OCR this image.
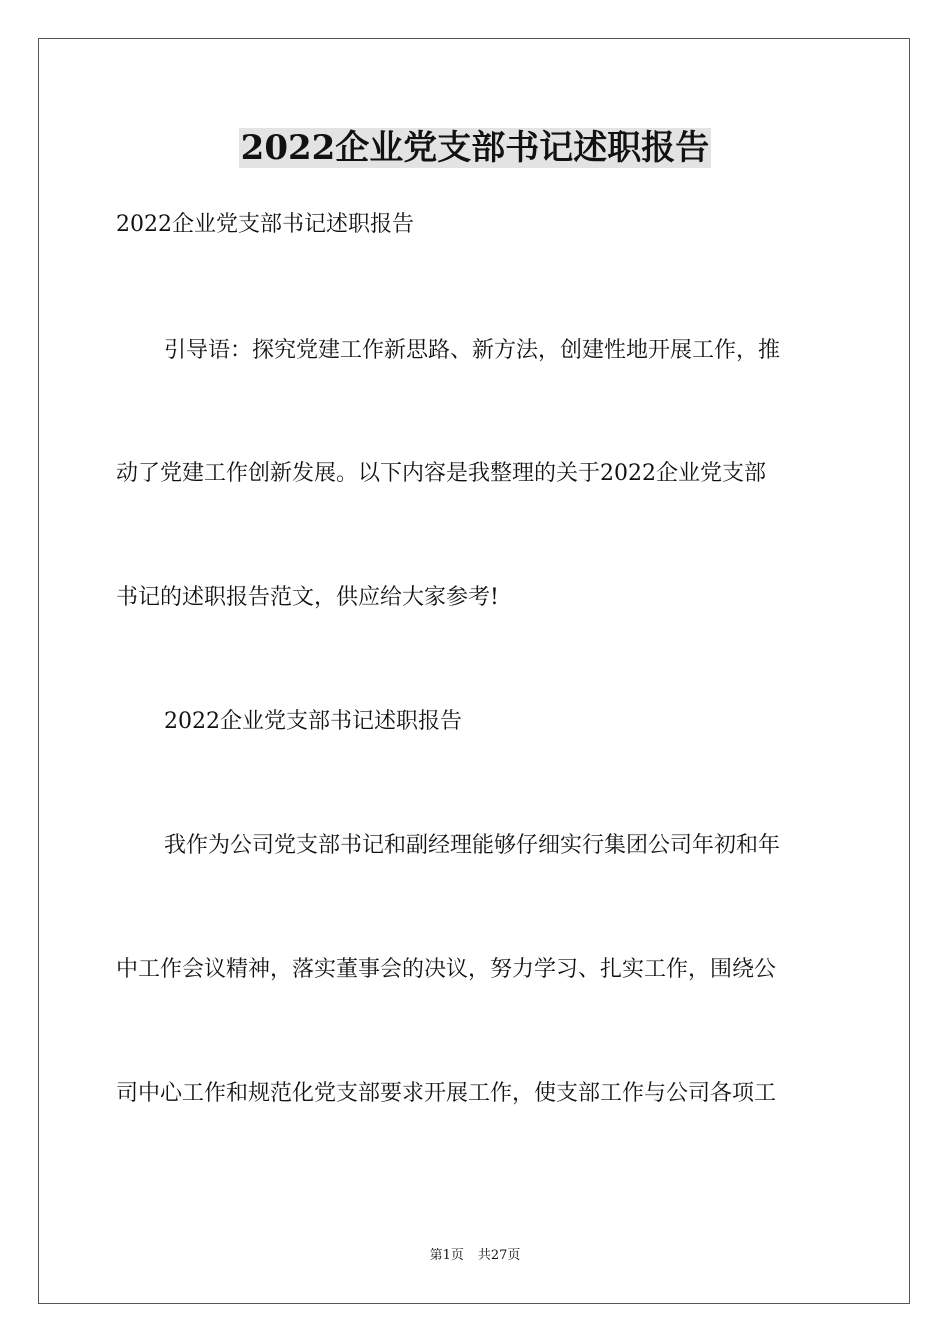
2022企业党支部书记述职报告
2022企业党支部书记述职报告
引导语：探究党建工作新思路、新方法，创建性地开展工作，推
动了党建工作创新发展。以下内容是我整理的关于2022企业党支部
书记的述职报告范文，供应给大家参考!
2022企业党支部书记述职报告
我作为公司党支部书记和副经理能够仔细实行集团公司年初和年
中工作会议精神，落实董事会的决议，努力学习、扎实工作，围绕公
司中心工作和规范化党支部要求开展工作，使支部工作与公司各项工
第1页 共27页
